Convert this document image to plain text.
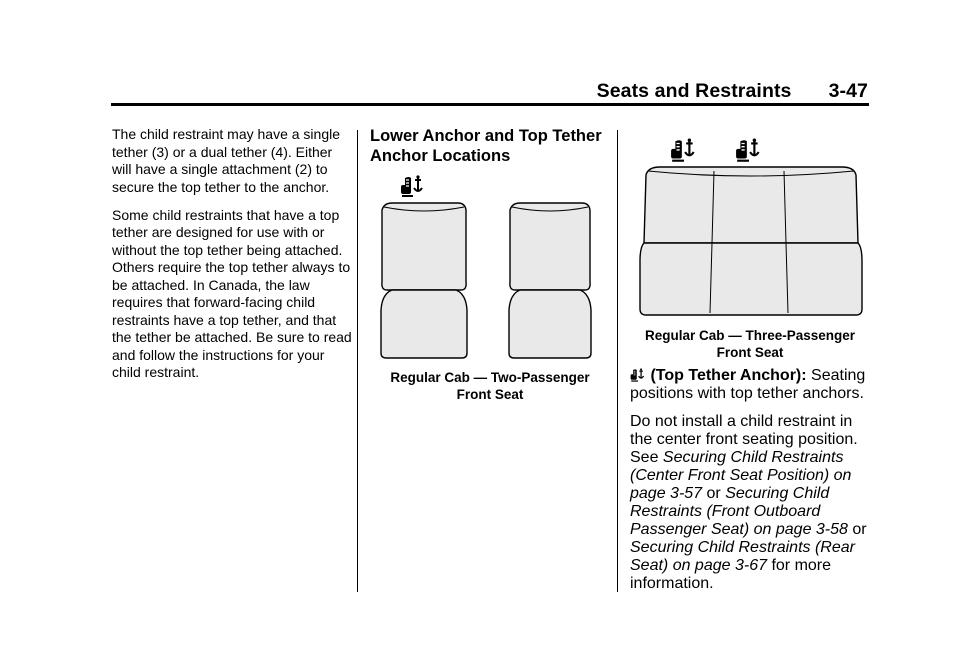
Seats and Restraints 3-47

The child restraint may have a single tether (3) or a dual tether (4). Either will have a single attachment (2) to secure the top tether to the anchor.

Some child restraints that have a top tether are designed for use with or without the top tether being attached. Others require the top tether always to be attached. In Canada, the law requires that forward-facing child restraints have a top tether, and that the tether be attached. Be sure to read and follow the instructions for your child restraint.

Lower Anchor and Top Tether Anchor Locations
Regular Cab — Two-Passenger
Front Seat
Regular Cab — Three-Passenger
Front Seat

(Top Tether Anchor): Seating positions with top tether anchors.

Do not install a child restraint in the center front seating position. See Securing Child Restraints (Center Front Seat Position) on page 3-57 or Securing Child Restraints (Front Outboard Passenger Seat) on page 3-58 or Securing Child Restraints (Rear Seat) on page 3-67 for more information.
